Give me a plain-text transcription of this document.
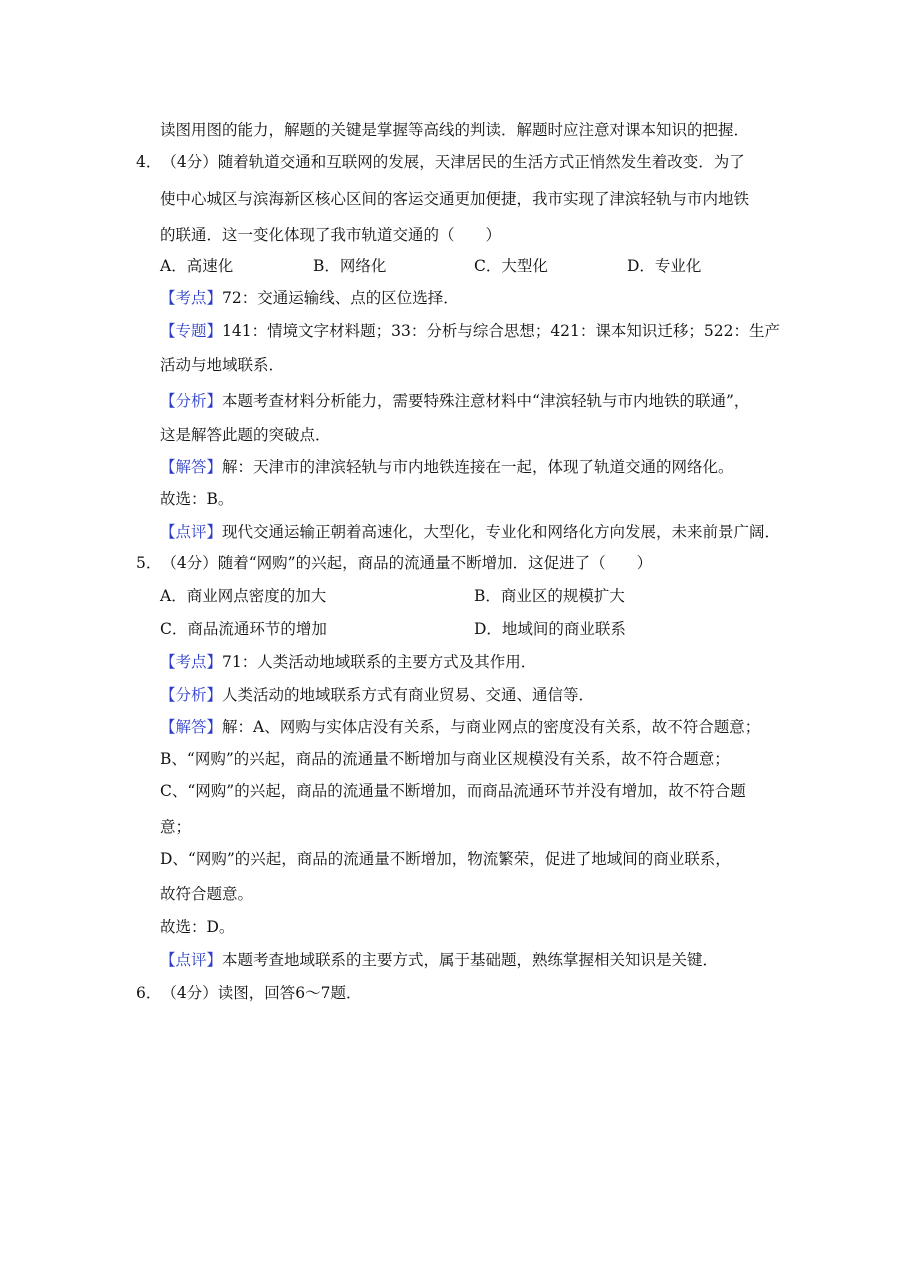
读图用图的能力，解题的关键是掌握等高线的判读．解题时应注意对课本知识的把握．
4．（4分）随着轨道交通和互联网的发展，天津居民的生活方式正悄然发生着改变．为了
使中心城区与滨海新区核心区间的客运交通更加便捷，我市实现了津滨轻轨与市内地铁
的联通．这一变化体现了我市轨道交通的（　　）
A．高速化	B．网络化	C．大型化	D．专业化
【考点】72：交通运输线、点的区位选择．
【专题】141：情境文字材料题；33：分析与综合思想；421：课本知识迁移；522：生产
活动与地域联系．
【分析】本题考查材料分析能力，需要特殊注意材料中“津滨轻轨与市内地铁的联通”，
这是解答此题的突破点．
【解答】解：天津市的津滨轻轨与市内地铁连接在一起，体现了轨道交通的网络化。
故选：B。
【点评】现代交通运输正朝着高速化，大型化，专业化和网络化方向发展，未来前景广阔．
5．（4分）随着“网购”的兴起，商品的流通量不断增加．这促进了（　　）
A．商业网点密度的加大	B．商业区的规模扩大
C．商品流通环节的增加	D．地域间的商业联系
【考点】71：人类活动地域联系的主要方式及其作用．
【分析】人类活动的地域联系方式有商业贸易、交通、通信等．
【解答】解：A、网购与实体店没有关系，与商业网点的密度没有关系，故不符合题意；
B、“网购”的兴起，商品的流通量不断增加与商业区规模没有关系，故不符合题意；
C、“网购”的兴起，商品的流通量不断增加，而商品流通环节并没有增加，故不符合题
意；
D、“网购”的兴起，商品的流通量不断增加，物流繁荣，促进了地域间的商业联系，
故符合题意。
故选：D。
【点评】本题考查地域联系的主要方式，属于基础题，熟练掌握相关知识是关键．
6．（4分）读图，回答6～7题．
